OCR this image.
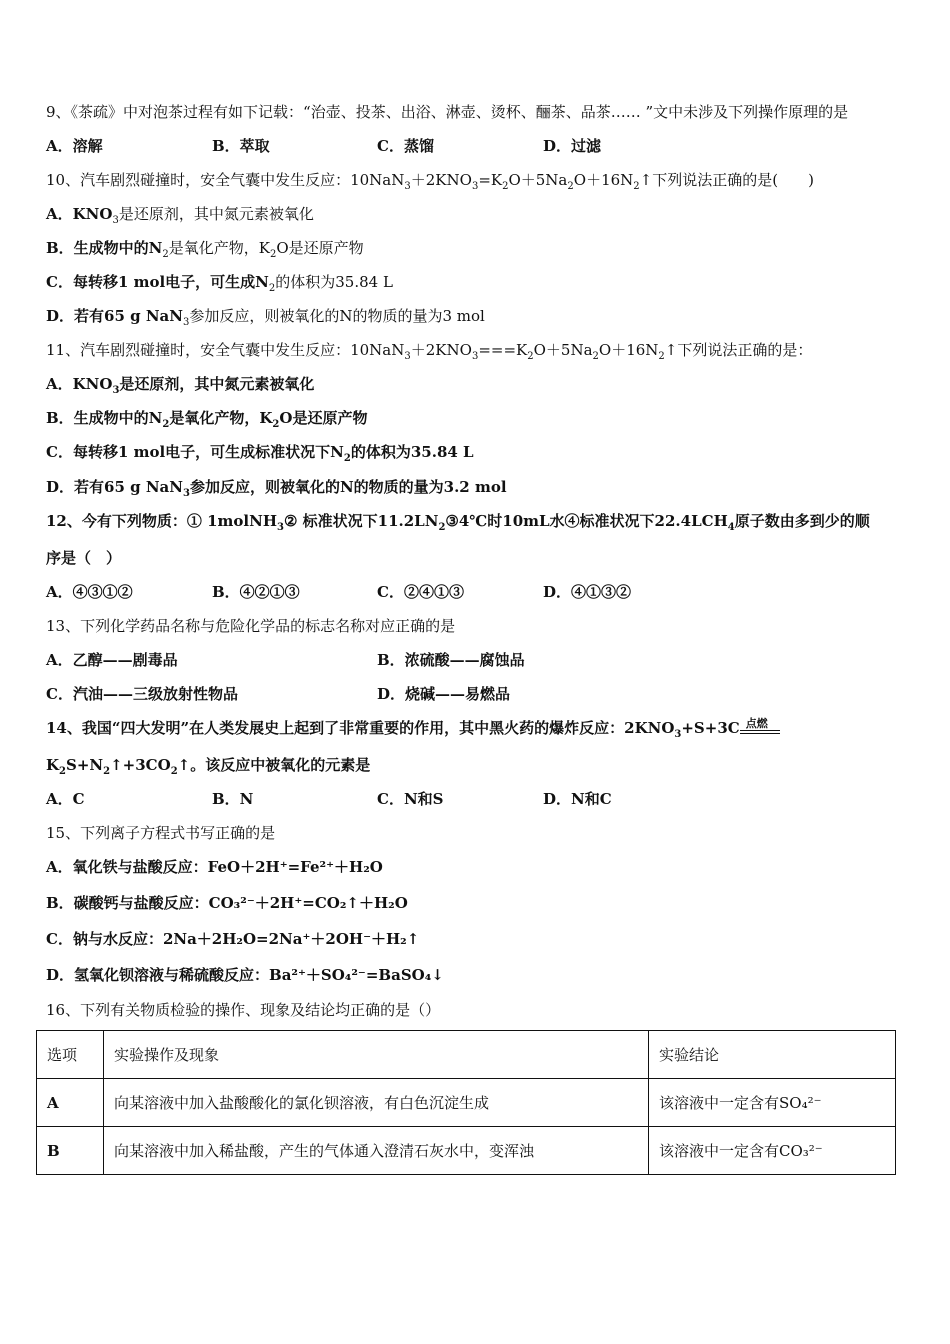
9、《茶疏》中对泡茶过程有如下记载：“治壶、投茶、出浴、淋壶、烫杯、酾茶、品茶…… ”文中未涉及下列操作原理的是
A．溶解	B．萃取	C．蒸馏	D．过滤
10、汽车剧烈碰撞时，安全气囊中发生反应：$10NaN_3+2KNO_3=K_2O+5Na_2O+16N_2↑$下列说法正确的是(　　)
A．$KNO_3$是还原剂，其中氮元素被氧化
B．生成物中的$N_2$是氧化产物，$K_2O$是还原产物
C．每转移1 mol电子，可生成$N_2$的体积为35.84 L
D．若有65 g NaN$_3$参加反应，则被氧化的N的物质的量为3 mol
11、汽车剧烈碰撞时，安全气囊中发生反应：$10NaN_3+2KNO_3===K_2O+5Na_2O+16N_2↑$下列说法正确的是：
A．$KNO_3$是还原剂，其中氮元素被氧化
B．生成物中的$N_2$是氧化产物，$K_2O$是还原产物
C．每转移1 mol电子，可生成标准状况下$N_2$的体积为35.84 L
D．若有65 g NaN$_3$参加反应，则被氧化的N的物质的量为3.2 mol
12、今有下列物质：① 1molNH$_3$② 标准状况下$11.2LN_2③4℃$时10mL水④标准状况下$22.4LCH_4$原子数由多到少的顺
序是（　）
A．④③①②	B．④②①③	C．②④①③	D．④①③②
13、下列化学药品名称与危险化学品的标志名称对应正确的是
A．乙醇——剧毒品	B．浓硫酸——腐蚀品
C．汽油——三级放射性物品	D．烧碱——易燃品
14、我国“四大发明”在人类发展史上起到了非常重要的作用，其中黑火药的爆炸反应：$2KNO_3+S+3C$ 点燃
$K_2S+N_2↑+3CO_2↑$。该反应中被氧化的元素是
A．C	B．N	C．N和S	D．N和C
15、下列离子方程式书写正确的是
A．氧化铁与盐酸反应：FeO＋2H⁺=Fe²⁺＋H₂O
B．碳酸钙与盐酸反应：CO₃²⁻＋2H⁺=CO₂↑＋H₂O
C．钠与水反应：2Na＋2H₂O=2Na⁺＋2OH⁻＋H₂↑
D．氢氧化钡溶液与稀硫酸反应：Ba²⁺＋SO₄²⁻=BaSO₄↓
16、下列有关物质检验的操作、现象及结论均正确的是（）
选项	实验操作及现象	实验结论
A	向某溶液中加入盐酸酸化的氯化钡溶液，有白色沉淀生成	该溶液中一定含有SO₄²⁻
B	向某溶液中加入稀盐酸，产生的气体通入澄清石灰水中，变浑浊	该溶液中一定含有CO₃²⁻
